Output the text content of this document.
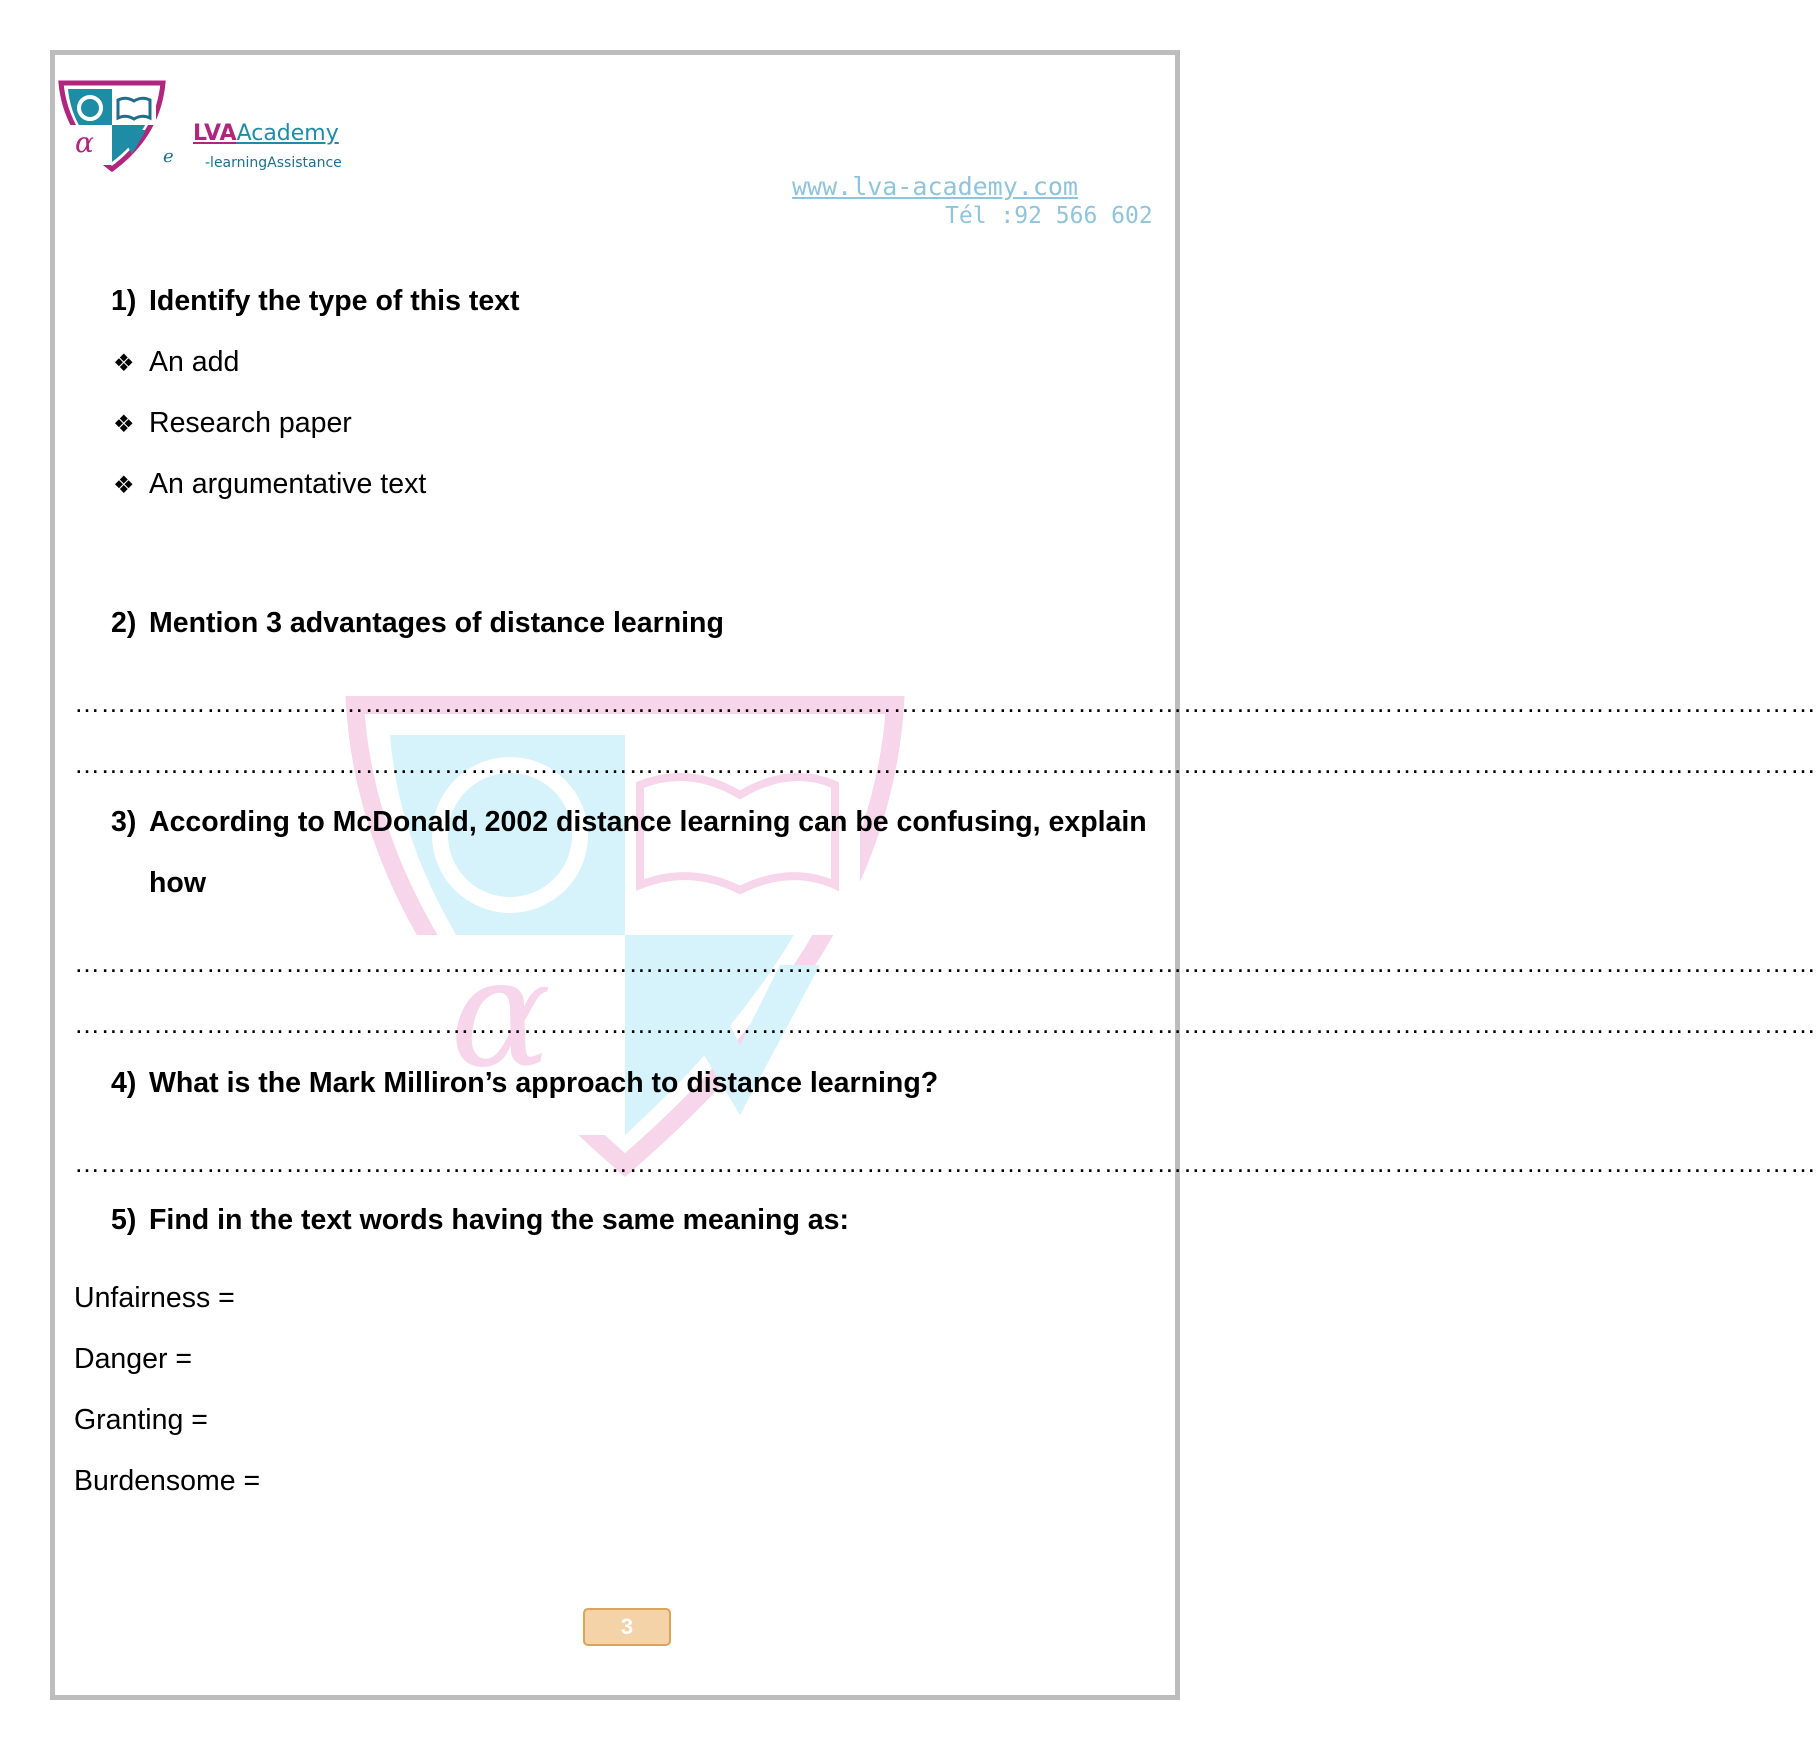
α
α	e
LVAAcademy
-learningAssistance
www.lva-academy.com
Tél :92 566 602
1) Identify the type of this text
❖ An add
❖ Research paper
❖ An argumentative text
2) Mention 3 advantages of distance learning
………………………………………………………………………………………………………………………………………………………………………………
………………………………………………………………………………………………………………………………………………………………………………
3) According to McDonald, 2002 distance learning can be confusing, explain
how
………………………………………………………………………………………………………………………………………………………………………………
………………………………………………………………………………………………………………………………………………………………………………
4) What is the Mark Milliron’s approach to distance learning?
………………………………………………………………………………………………………………………………………………………………………………
5) Find in the text words having the same meaning as:
Unfairness =
Danger =
Granting =
Burdensome =
3
